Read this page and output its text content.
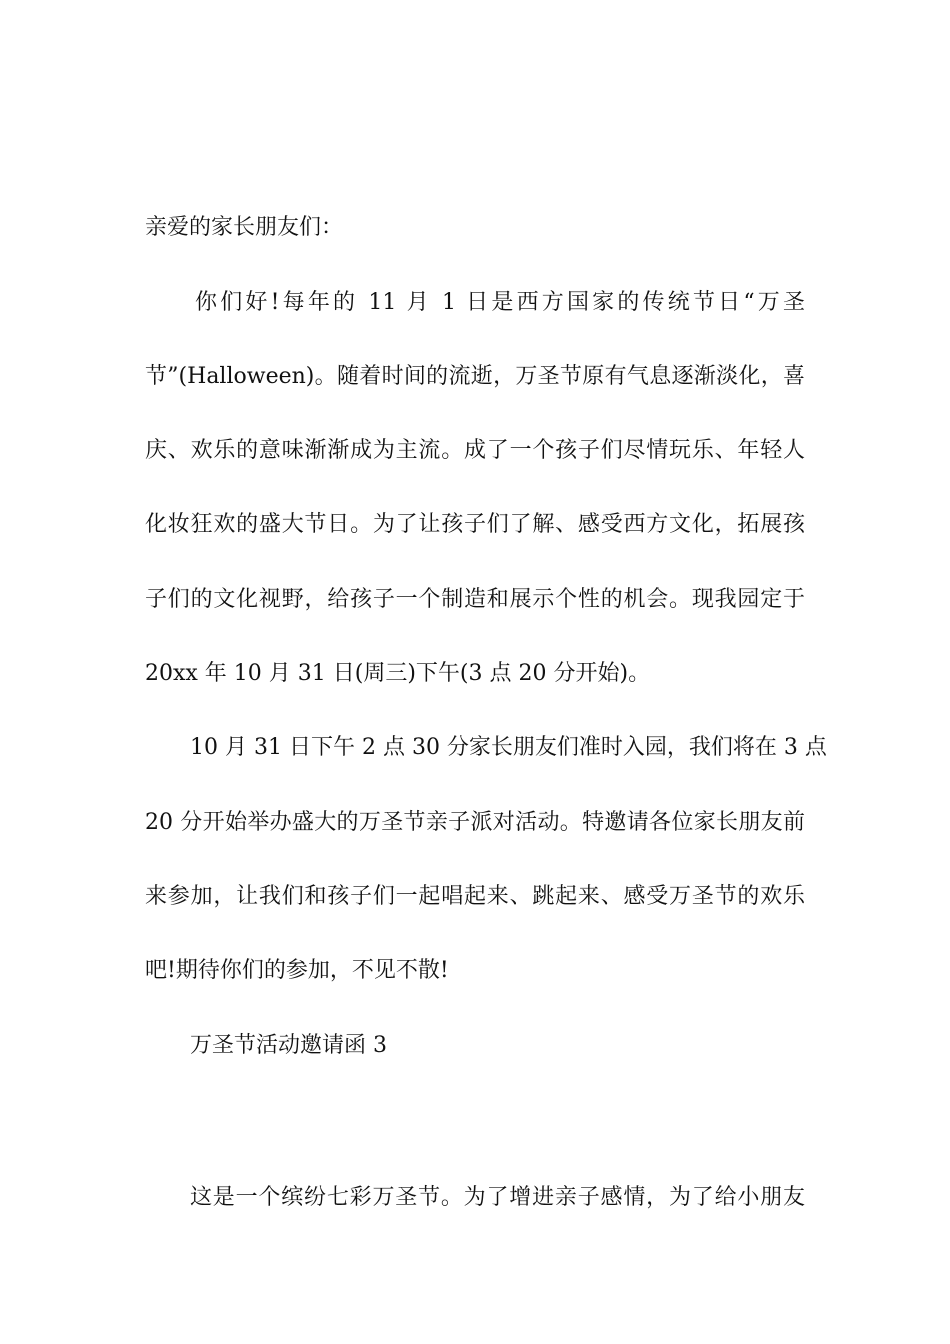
亲爱的家长朋友们：
你们好!每年的 11 月 1 日是西方国家的传统节日“万圣
节”(Halloween)。随着时间的流逝，万圣节原有气息逐渐淡化，喜
庆、欢乐的意味渐渐成为主流。成了一个孩子们尽情玩乐、年轻人
化妆狂欢的盛大节日。为了让孩子们了解、感受西方文化，拓展孩
子们的文化视野，给孩子一个制造和展示个性的机会。现我园定于
20xx 年 10 月 31 日(周三)下午(3 点 20 分开始)。
10 月 31 日下午 2 点 30 分家长朋友们准时入园，我们将在 3 点
20 分开始举办盛大的万圣节亲子派对活动。特邀请各位家长朋友前
来参加，让我们和孩子们一起唱起来、跳起来、感受万圣节的欢乐
吧!期待你们的参加，不见不散!
万圣节活动邀请函 3
这是一个缤纷七彩万圣节。为了增进亲子感情，为了给小朋友
